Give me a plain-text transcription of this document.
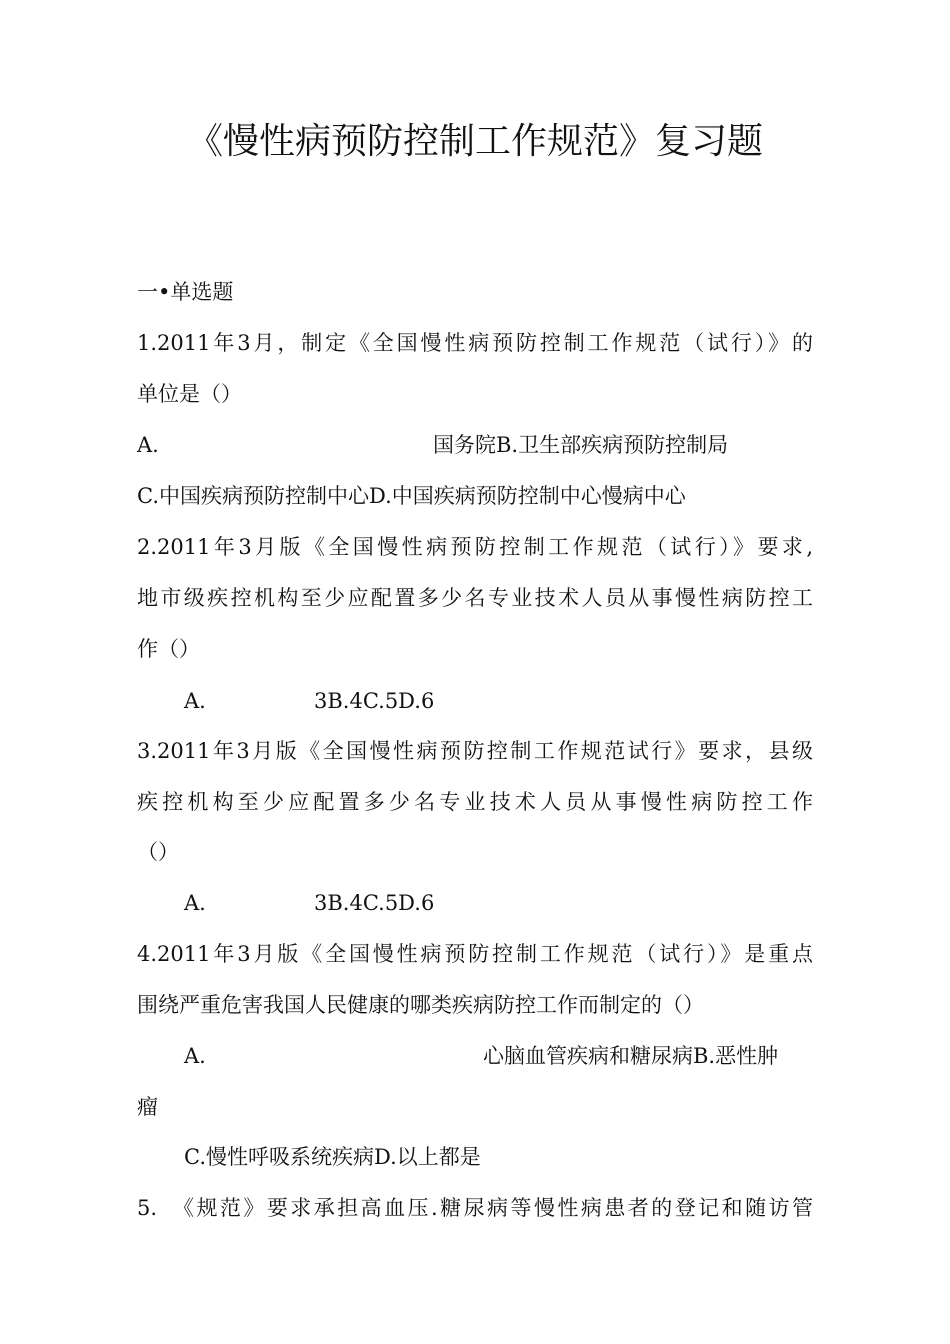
《慢性病预防控制工作规范》复习题
一•单选题
1.2011年3月，制定《全国慢性病预防控制工作规范（试行）》的
单位是（）
A.	国务院B.卫生部疾病预防控制局
C.中国疾病预防控制中心D.中国疾病预防控制中心慢病中心
2.2011年3月版《全国慢性病预防控制工作规范（试行）》要求,
地市级疾控机构至少应配置多少名专业技术人员从事慢性病防控工
作（）
A.	3B.4C.5D.6
3.2011年3月版《全国慢性病预防控制工作规范试行》要求，县级
疾控机构至少应配置多少名专业技术人员从事慢性病防控工作
（）
A.	3B.4C.5D.6
4.2011年3月版《全国慢性病预防控制工作规范（试行）》是重点
围绕严重危害我国人民健康的哪类疾病防控工作而制定的（）
A.	心脑血管疾病和糖尿病B.恶性肿
瘤
C.慢性呼吸系统疾病D.以上都是
5. 《规范》要求承担高血压.糖尿病等慢性病患者的登记和随访管
